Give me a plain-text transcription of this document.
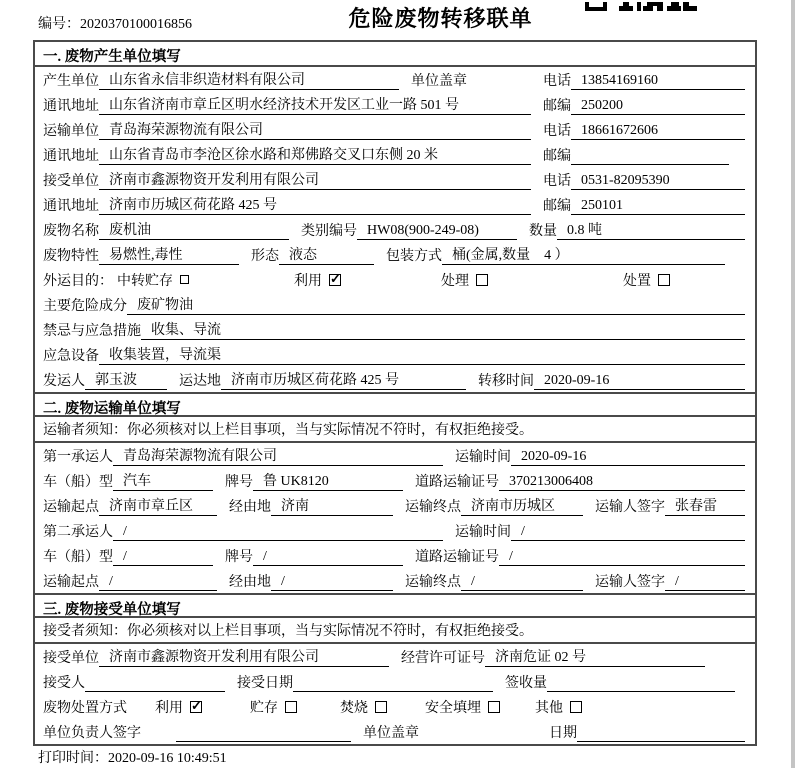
编号：2020370100016856	危险废物转移联单
一. 废物产生单位填写
产生单位 山东省永信非织造材料有限公司	单位盖章	电话 13854169160
通讯地址 山东省济南市章丘区明水经济技术开发区工业一路 501 号	邮编 250200
运输单位 青岛海荣源物流有限公司	电话 18661672606
通讯地址 山东省青岛市李沧区徐水路和郑佛路交叉口东侧 20 米	邮编
接受单位 济南市鑫源物资开发利用有限公司	电话 0531-82095390
通讯地址 济南市历城区荷花路 425 号	邮编 250101
废物名称 废机油	类别编号 HW08(900-249-08)	数量 0.8 吨
废物特性 易燃性,毒性	形态 液态	包装方式 桶(金属,数量　4 ）
外运目的： 中转贮存	利用 ✓	处理	处置
主要危险成分 废矿物油
禁忌与应急措施 收集、导流
应急设备 收集装置，导流渠
发运人 郭玉波	运达地 济南市历城区荷花路 425 号	转移时间 2020-09-16
二. 废物运输单位填写
运输者须知：你必须核对以上栏目事项，当与实际情况不符时，有权拒绝接受。
第一承运人 青岛海荣源物流有限公司	运输时间 2020-09-16
车（船）型 汽车	牌号 鲁 UK8120	道路运输证号 370213006408
运输起点 济南市章丘区	经由地 济南	运输终点 济南市历城区	运输人签字 张春雷
第二承运人 /	运输时间 /
车（船）型 /	牌号 /	道路运输证号 /
运输起点 /	经由地 /	运输终点 /	运输人签字 /
三. 废物接受单位填写
接受者须知：你必须核对以上栏目事项，当与实际情况不符时，有权拒绝接受。
接受单位 济南市鑫源物资开发利用有限公司	经营许可证号 济南危证 02 号
接受人	接受日期	签收量
废物处置方式 利用 ✓	贮存	焚烧	安全填埋	其他
单位负责人签字	单位盖章	日期
打印时间：2020-09-16 10:49:51
